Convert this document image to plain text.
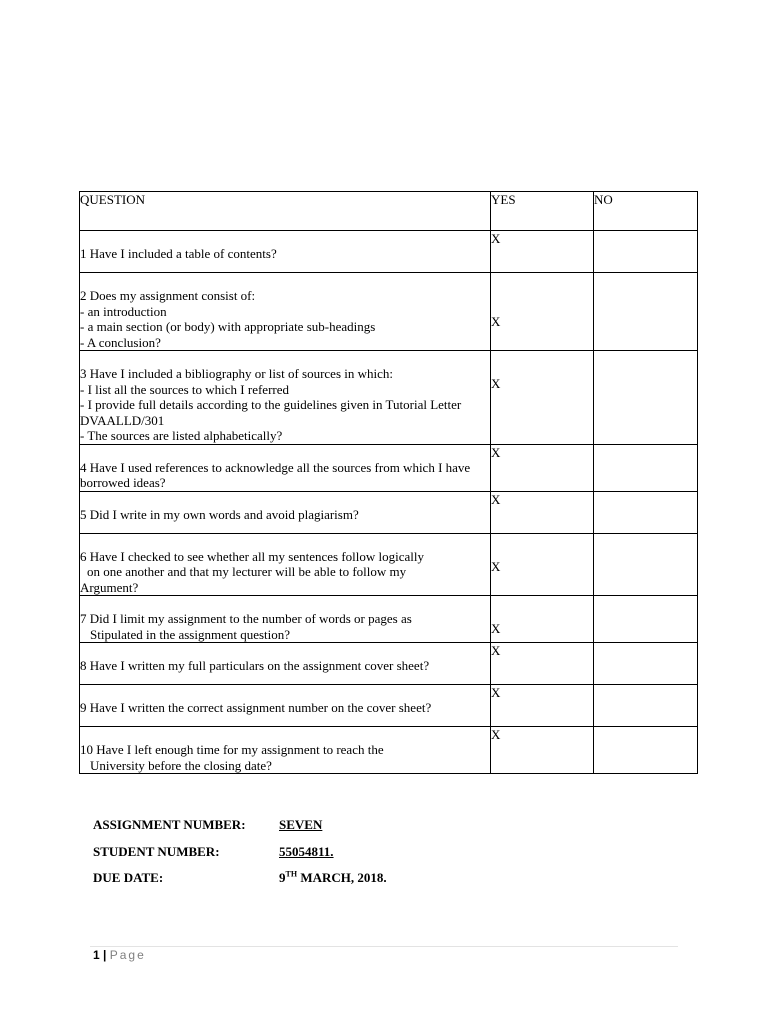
QUESTION	YES	NO

1 Have I included a table of contents?	X	

2 Does my assignment consist of:
- an introduction
- a main section (or body) with appropriate sub-headings
- A conclusion?	X	

3 Have I included a bibliography or list of sources in which:
- I list all the sources to which I referred
- I provide full details according to the guidelines given in Tutorial Letter DVAALLD/301
- The sources are listed alphabetically?	X	

4 Have I used references to acknowledge all the sources from which I have borrowed ideas?	X	

5 Did I write in my own words and avoid plagiarism?	X	

6 Have I checked to see whether all my sentences follow logically
on one another and that my lecturer will be able to follow my
Argument?	X	

7 Did I limit my assignment to the number of words or pages as
Stipulated in the assignment question?	X	

8 Have I written my full particulars on the assignment cover sheet?	X	

9 Have I written the correct assignment number on the cover sheet?	X	

10 Have I left enough time for my assignment to reach the
University before the closing date?	X	
ASSIGNMENT NUMBER:	SEVEN
STUDENT NUMBER:	55054811.
DUE DATE:	9TH MARCH, 2018.
1 | Page
